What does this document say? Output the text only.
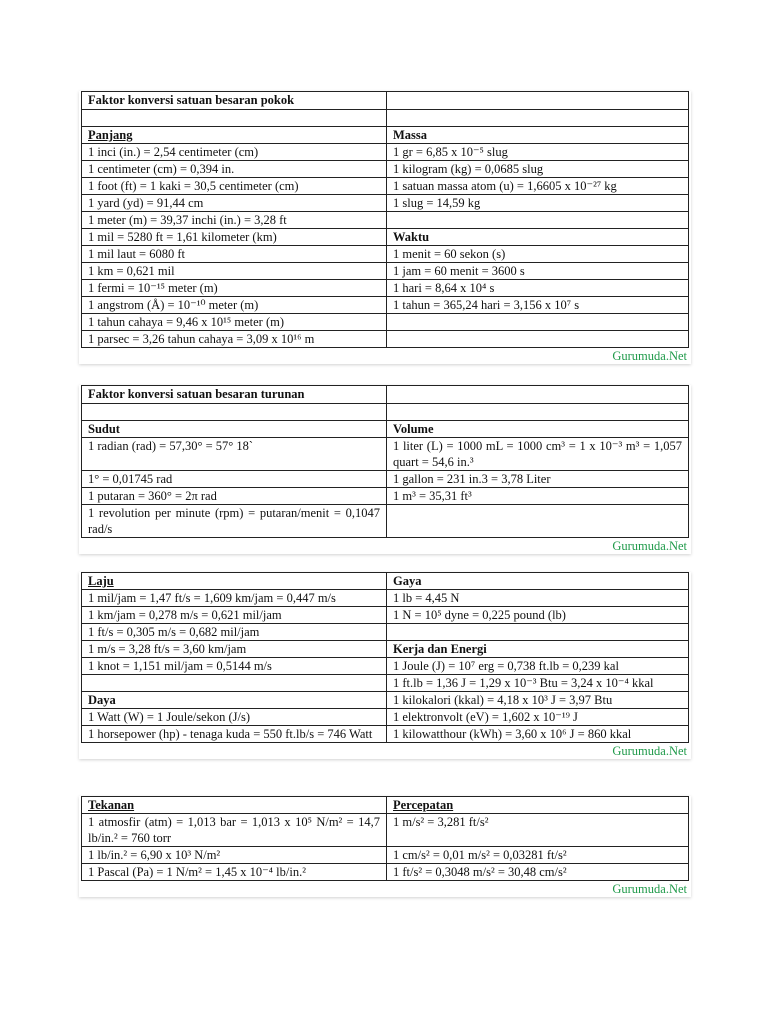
Faktor konversi satuan besaran pokok	

Panjang	Massa
1 inci (in.) = 2,54 centimeter (cm)	1 gr = 6,85 x 10⁻⁵ slug
1 centimeter (cm) = 0,394 in.	1 kilogram (kg) = 0,0685 slug
1 foot (ft) = 1 kaki = 30,5 centimeter (cm)	1 satuan massa atom (u) = 1,6605 x 10⁻²⁷ kg
1 yard (yd) = 91,44 cm	1 slug = 14,59 kg
1 meter (m) = 39,37 inchi (in.) = 3,28 ft	
1 mil = 5280 ft = 1,61 kilometer (km)	Waktu
1 mil laut = 6080 ft	1 menit = 60 sekon (s)
1 km = 0,621 mil	1 jam = 60 menit = 3600 s
1 fermi = 10⁻¹⁵ meter (m)	1 hari = 8,64 x 10⁴ s
1 angstrom (Å) = 10⁻¹⁰ meter (m)	1 tahun = 365,24 hari = 3,156 x 10⁷ s
1 tahun cahaya = 9,46 x 10¹⁵ meter (m)	
1 parsec = 3,26 tahun cahaya = 3,09 x 10¹⁶ m	
Gurumuda.Net
Faktor konversi satuan besaran turunan	

Sudut	Volume
1 radian (rad) = 57,30° = 57° 18`	1 liter (L) = 1000 mL = 1000 cm³ = 1 x 10⁻³ m³ = 1,057 quart = 54,6 in.³
1° = 0,01745 rad	1 gallon = 231 in.3 = 3,78 Liter
1 putaran = 360° = 2π rad	1 m³ = 35,31 ft³
1 revolution per minute (rpm) = putaran/menit = 0,1047 rad/s	
Gurumuda.Net
Laju	Gaya
1 mil/jam = 1,47 ft/s = 1,609 km/jam = 0,447 m/s	1 lb = 4,45 N
1 km/jam = 0,278 m/s = 0,621 mil/jam	1 N = 10⁵ dyne = 0,225 pound (lb)
1 ft/s = 0,305 m/s = 0,682 mil/jam	
1 m/s = 3,28 ft/s = 3,60 km/jam	Kerja dan Energi
1 knot = 1,151 mil/jam = 0,5144 m/s	1 Joule (J) = 10⁷ erg = 0,738 ft.lb = 0,239 kal
	1 ft.lb = 1,36 J = 1,29 x 10⁻³ Btu = 3,24 x 10⁻⁴ kkal
Daya	1 kilokalori (kkal) = 4,18 x 10³ J = 3,97 Btu
1 Watt (W) = 1 Joule/sekon (J/s)	1 elektronvolt (eV) = 1,602 x 10⁻¹⁹ J
1 horsepower (hp) - tenaga kuda = 550 ft.lb/s = 746 Watt	1 kilowatthour (kWh) = 3,60 x 10⁶ J = 860 kkal
Gurumuda.Net
Tekanan	Percepatan
1 atmosfir (atm) = 1,013 bar = 1,013 x 10⁵ N/m² = 14,7 lb/in.² = 760 torr	1 m/s² = 3,281 ft/s²
1 lb/in.² = 6,90 x 10³ N/m²	1 cm/s² = 0,01 m/s² = 0,03281 ft/s²
1 Pascal (Pa) = 1 N/m² = 1,45 x 10⁻⁴ lb/in.²	1 ft/s² = 0,3048 m/s² = 30,48 cm/s²
Gurumuda.Net
